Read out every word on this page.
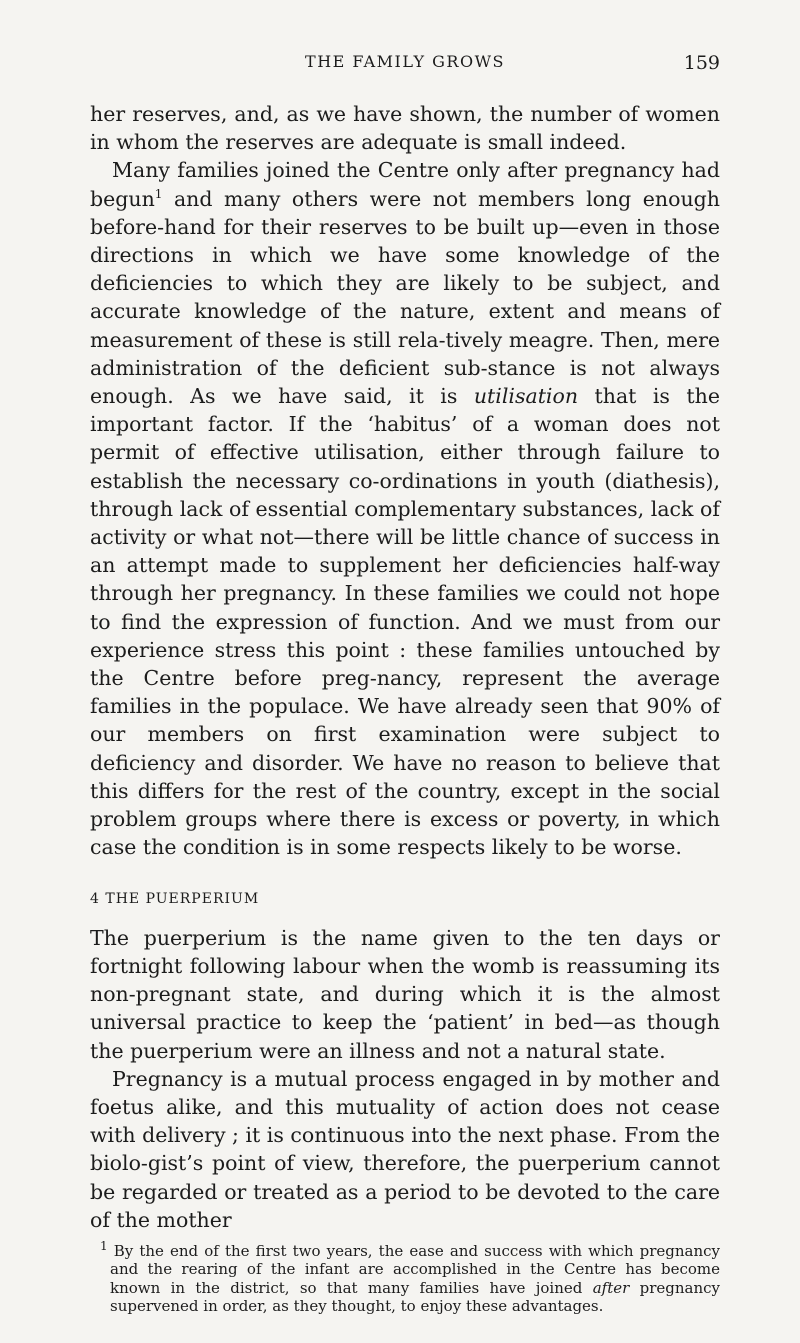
THE FAMILY GROWS	159

her reserves, and, as we have shown, the number of women in whom the reserves are adequate is small indeed.

Many families joined the Centre only after pregnancy had begun$^1$ and many others were not members long enough before-hand for their reserves to be built up—even in those directions in which we have some knowledge of the deficiencies to which they are likely to be subject, and accurate knowledge of the nature, extent and means of measurement of these is still rela-tively meagre. Then, mere administration of the deficient sub-stance is not always enough. As we have said, it is utilisation that is the important factor. If the ‘habitus’ of a woman does not permit of effective utilisation, either through failure to establish the necessary co-ordinations in youth (diathesis), through lack of essential complementary substances, lack of activity or what not—there will be little chance of success in an attempt made to supplement her deficiencies half-way through her pregnancy. In these families we could not hope to find the expression of function. And we must from our experience stress this point : these families untouched by the Centre before preg-nancy, represent the average families in the populace. We have already seen that 90% of our members on first examination were subject to deficiency and disorder. We have no reason to believe that this differs for the rest of the country, except in the social problem groups where there is excess or poverty, in which case the condition is in some respects likely to be worse.

4 THE PUERPERIUM

The puerperium is the name given to the ten days or fortnight following labour when the womb is reassuming its non-pregnant state, and during which it is the almost universal practice to keep the ‘patient’ in bed—as though the puerperium were an illness and not a natural state.

Pregnancy is a mutual process engaged in by mother and foetus alike, and this mutuality of action does not cease with delivery ; it is continuous into the next phase. From the biolo-gist’s point of view, therefore, the puerperium cannot be regarded or treated as a period to be devoted to the care of the mother

$^1$ By the end of the first two years, the ease and success with which pregnancy and the rearing of the infant are accomplished in the Centre has become known in the district, so that many families have joined after pregnancy supervened in order, as they thought, to enjoy these advantages.
